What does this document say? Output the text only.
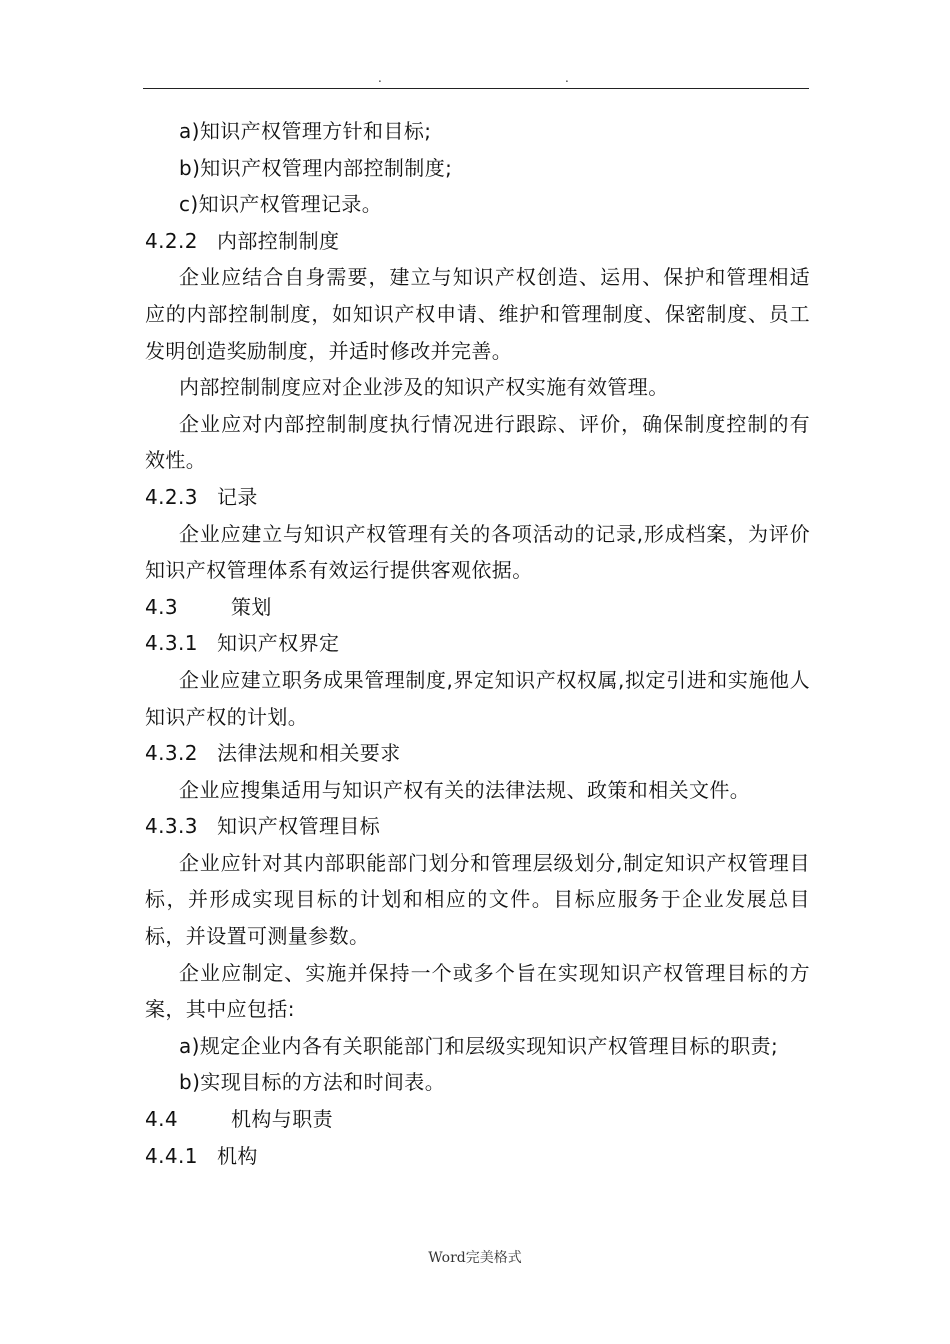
.	.
a)知识产权管理方针和目标;
b)知识产权管理内部控制制度;
c)知识产权管理记录。
4.2.2 内部控制制度
企业应结合自身需要，建立与知识产权创造、运用、保护和管理相适应的内部控制制度，如知识产权申请、维护和管理制度、保密制度、员工发明创造奖励制度，并适时修改并完善。
内部控制制度应对企业涉及的知识产权实施有效管理。
企业应对内部控制制度执行情况进行跟踪、评价，确保制度控制的有效性。
4.2.3 记录
企业应建立与知识产权管理有关的各项活动的记录,形成档案，为评价知识产权管理体系有效运行提供客观依据。
4.3	策划
4.3.1 知识产权界定
企业应建立职务成果管理制度,界定知识产权权属,拟定引进和实施他人知识产权的计划。
4.3.2 法律法规和相关要求
企业应搜集适用与知识产权有关的法律法规、政策和相关文件。
4.3.3 知识产权管理目标
企业应针对其内部职能部门划分和管理层级划分,制定知识产权管理目标，并形成实现目标的计划和相应的文件。目标应服务于企业发展总目标，并设置可测量参数。
企业应制定、实施并保持一个或多个旨在实现知识产权管理目标的方案，其中应包括:
a)规定企业内各有关职能部门和层级实现知识产权管理目标的职责;
b)实现目标的方法和时间表。
4.4	机构与职责
4.4.1 机构
Word完美格式
